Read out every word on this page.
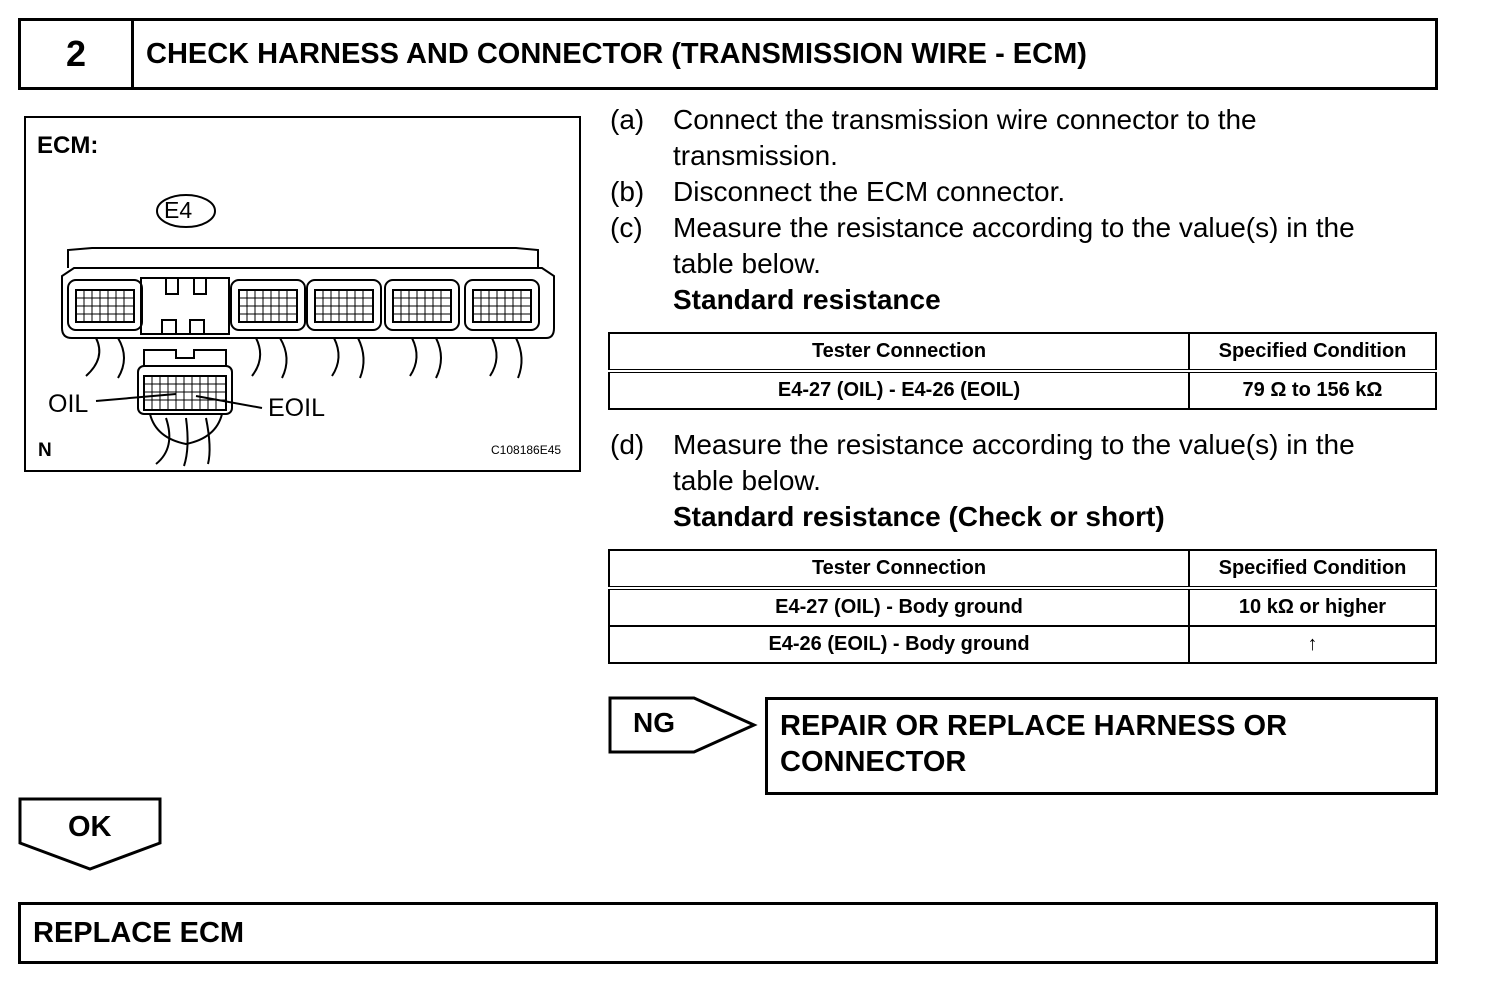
2	CHECK HARNESS AND CONNECTOR (TRANSMISSION WIRE - ECM)
ECM:
E4
OIL	EOIL
N	C108186E45
(a) Connect the transmission wire connector to the
transmission.
(b) Disconnect the ECM connector.
(c) Measure the resistance according to the value(s) in the
table below.
Standard resistance
Tester Connection	Specified Condition
E4-27 (OIL) - E4-26 (EOIL)	79 Ω to 156 kΩ
(d) Measure the resistance according to the value(s) in the
table below.
Standard resistance (Check or short)
Tester Connection	Specified Condition
E4-27 (OIL) - Body ground	10 kΩ or higher
E4-26 (EOIL) - Body ground	↑
NG	REPAIR OR REPLACE HARNESS OR
CONNECTOR
OK
REPLACE ECM
